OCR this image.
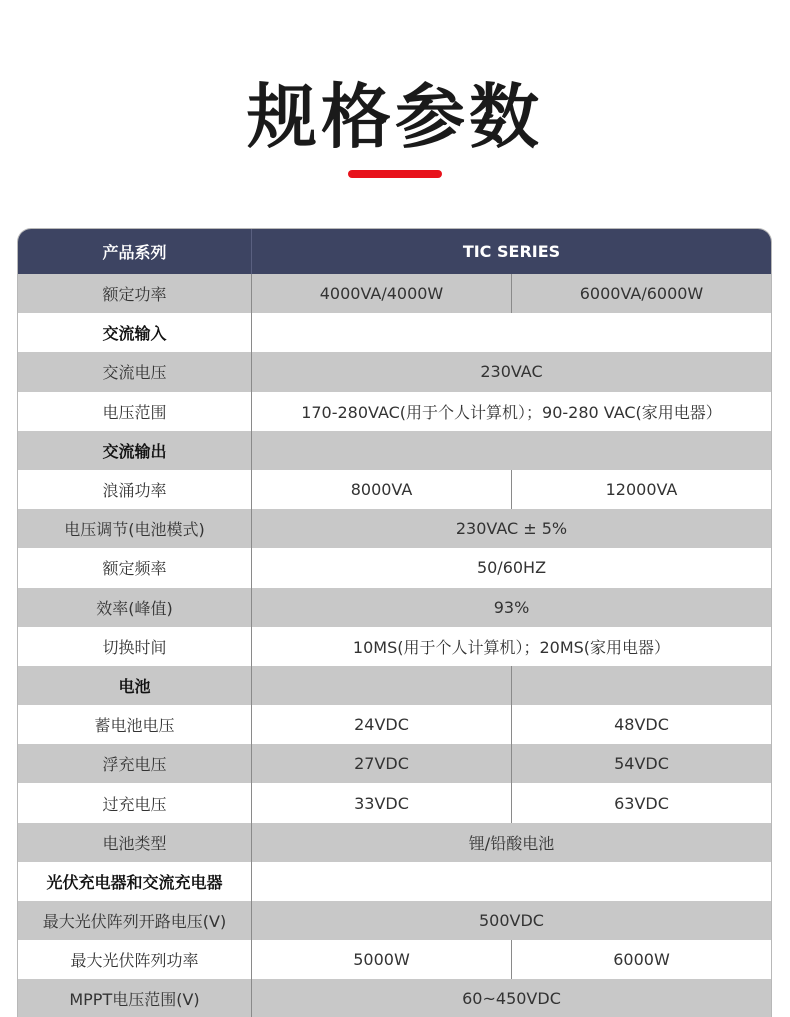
规格参数
产品系列	TIC SERIES
额定功率	4000VA/4000W	6000VA/6000W
交流输入
交流电压	230VAC
电压范围	170-280VAC(用于个人计算机）；90-280 VAC(家用电器）
交流输出
浪涌功率	8000VA	12000VA
电压调节(电池模式)	230VAC ± 5%
额定频率	50/60HZ
效率(峰值)	93%
切换时间	10MS(用于个人计算机）；20MS(家用电器）
电池
蓄电池电压	24VDC	48VDC
浮充电压	27VDC	54VDC
过充电压	33VDC	63VDC
电池类型	锂/铅酸电池
光伏充电器和交流充电器
最大光伏阵列开路电压(V)	500VDC
最大光伏阵列功率	5000W	6000W
MPPT电压范围(V)	60~450VDC
